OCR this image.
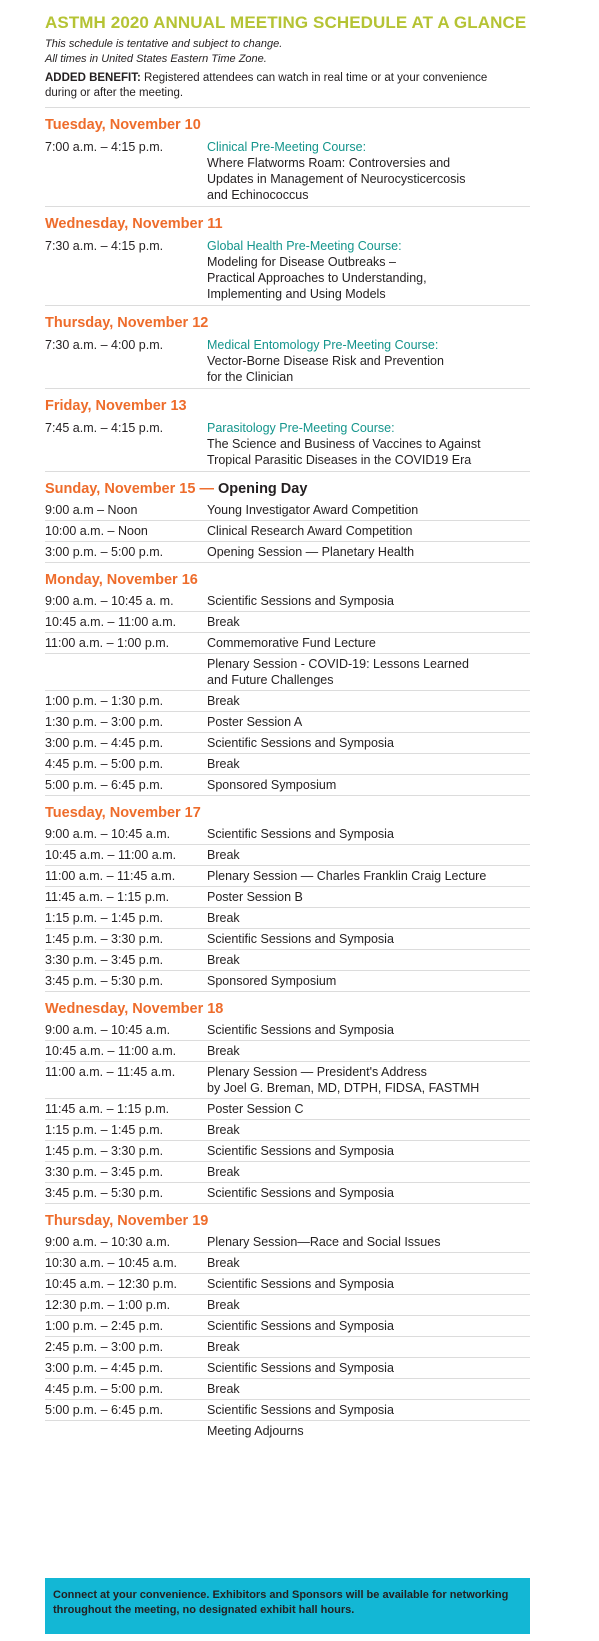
ASTMH 2020 ANNUAL MEETING SCHEDULE AT A GLANCE
This schedule is tentative and subject to change.
All times in United States Eastern Time Zone.
ADDED BENEFIT: Registered attendees can watch in real time or at your convenience during or after the meeting.
Tuesday, November 10
7:00 a.m. – 4:15 p.m.	Clinical Pre-Meeting Course:
Where Flatworms Roam: Controversies and
Updates in Management of Neurocysticercosis
and Echinococcus
Wednesday, November 11
7:30 a.m. – 4:15 p.m.	Global Health Pre-Meeting Course:
Modeling for Disease Outbreaks –
Practical Approaches to Understanding,
Implementing and Using Models
Thursday, November 12
7:30 a.m. – 4:00 p.m.	Medical Entomology Pre-Meeting Course:
Vector-Borne Disease Risk and Prevention
for the Clinician
Friday, November 13
7:45 a.m. – 4:15 p.m.	Parasitology Pre-Meeting Course:
The Science and Business of Vaccines to Against
Tropical Parasitic Diseases in the COVID19 Era
Sunday, November 15 — Opening Day
9:00 a.m – Noon	Young Investigator Award Competition
10:00 a.m. – Noon	Clinical Research Award Competition
3:00 p.m. – 5:00 p.m.	Opening Session — Planetary Health
Monday, November 16
9:00 a.m. – 10:45 a. m.	Scientific Sessions and Symposia
10:45 a.m. – 11:00 a.m.	Break
11:00 a.m. – 1:00 p.m.	Commemorative Fund Lecture
Plenary Session - COVID-19: Lessons Learned
and Future Challenges
1:00 p.m. – 1:30 p.m.	Break
1:30 p.m. – 3:00 p.m.	Poster Session A
3:00 p.m. – 4:45 p.m.	Scientific Sessions and Symposia
4:45 p.m. – 5:00 p.m.	Break
5:00 p.m. – 6:45 p.m.	Sponsored Symposium
Tuesday, November 17
9:00 a.m. – 10:45 a.m.	Scientific Sessions and Symposia
10:45 a.m. – 11:00 a.m.	Break
11:00 a.m. – 11:45 a.m.	Plenary Session — Charles Franklin Craig Lecture
11:45 a.m. – 1:15 p.m.	Poster Session B
1:15 p.m. – 1:45 p.m.	Break
1:45 p.m. – 3:30 p.m.	Scientific Sessions and Symposia
3:30 p.m. – 3:45 p.m.	Break
3:45 p.m. – 5:30 p.m.	Sponsored Symposium
Wednesday, November 18
9:00 a.m. – 10:45 a.m.	Scientific Sessions and Symposia
10:45 a.m. – 11:00 a.m.	Break
11:00 a.m. – 11:45 a.m.	Plenary Session — President's Address
by Joel G. Breman, MD, DTPH, FIDSA, FASTMH
11:45 a.m. – 1:15 p.m.	Poster Session C
1:15 p.m. – 1:45 p.m.	Break
1:45 p.m. – 3:30 p.m.	Scientific Sessions and Symposia
3:30 p.m. – 3:45 p.m.	Break
3:45 p.m. – 5:30 p.m.	Scientific Sessions and Symposia
Thursday, November 19
9:00 a.m. – 10:30 a.m.	Plenary Session—Race and Social Issues
10:30 a.m. – 10:45 a.m.	Break
10:45 a.m. – 12:30 p.m.	Scientific Sessions and Symposia
12:30 p.m. – 1:00 p.m.	Break
1:00 p.m. – 2:45 p.m.	Scientific Sessions and Symposia
2:45 p.m. – 3:00 p.m.	Break
3:00 p.m. – 4:45 p.m.	Scientific Sessions and Symposia
4:45 p.m. – 5:00 p.m.	Break
5:00 p.m. – 6:45 p.m.	Scientific Sessions and Symposia
Meeting Adjourns
Connect at your convenience. Exhibitors and Sponsors will be available for networking throughout the meeting, no designated exhibit hall hours.
